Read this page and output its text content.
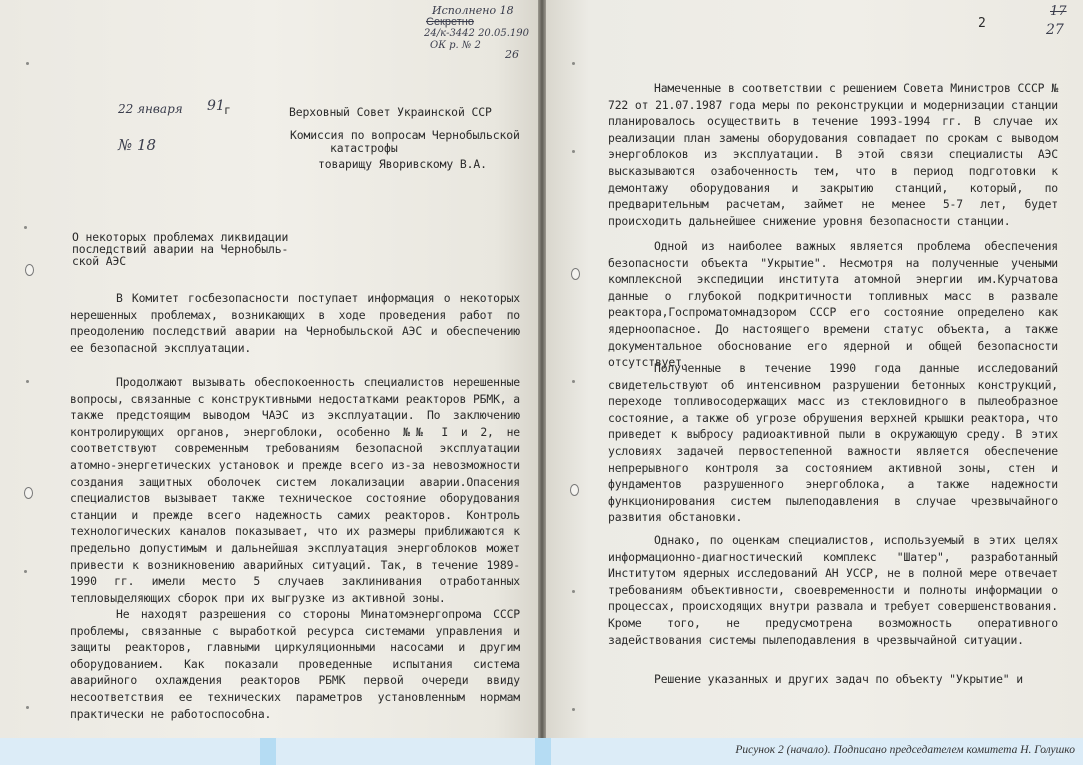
Исполнено 18
Секретно
24/к-3442 20.05.190
ОК р. № 2
26
22 января 91 г
№ 18
Верховный Совет Украинской ССР
Комиссия по вопросам Чернобыльской
катастрофы
товарищу Яворивскому В.А.
О некоторых проблемах ликвидации
последствий аварии на Чернобыль-
ской АЭС
В Комитет госбезопасности поступает информация о некоторых нерешенных проблемах, возникающих в ходе проведения работ по преодолению последствий аварии на Чернобыльской АЭС и обеспечению ее безопасной эксплуатации.
Продолжают вызывать обеспокоенность специалистов нерешенные вопросы, связанные с конструктивными недостатками реакторов РБМК, а также предстоящим выводом ЧАЭС из эксплуатации. По заключению контролирующих органов, энергоблоки, особенно №№ I и 2, не соответствуют современным требованиям безопасной эксплуатации атомно-энергетических установок и прежде всего из-за невозможности создания защитных оболочек систем локализации аварии.Опасения специалистов вызывает также техническое состояние оборудования станции и прежде всего надежность самих реакторов. Контроль технологических каналов показывает, что их размеры приближаются к предельно допустимым и дальнейшая эксплуатация энергоблоков может привести к возникновению аварийных ситуаций. Так, в течение 1989-1990 гг. имели место 5 случаев заклинивания отработанных тепловыделяющих сборок при их выгрузке из активной зоны.
Не находят разрешения со стороны Минатомэнергопрома СССР проблемы, связанные с выработкой ресурса системами управления и защиты реакторов, главными циркуляционными насосами и другим оборудованием. Как показали проведенные испытания система аварийного охлаждения реакторов РБМК первой очереди ввиду несоответствия ее технических параметров установленным нормам практически не работоспособна.
2
17
27
Намеченные в соответствии с решением Совета Министров СССР № 722 от 21.07.1987 года меры по реконструкции и модернизации станции планировалось осуществить в течение 1993-1994 гг. В случае их реализации план замены оборудования совпадает по срокам с выводом энергоблоков из эксплуатации. В этой связи специалисты АЭС высказываются озабоченность тем, что в период подготовки к демонтажу оборудования и закрытию станций, который, по предварительным расчетам, займет не менее 5-7 лет, будет происходить дальнейшее снижение уровня безопасности станции.
Одной из наиболее важных является проблема обеспечения безопасности объекта "Укрытие". Несмотря на полученные учеными комплексной экспедиции института атомной энергии им.Курчатова данные о глубокой подкритичности топливных масс в развале реактора,Госпроматомнадзором СССР его состояние определено как ядерноопасное. До настоящего времени статус объекта, а также документальное обоснование его ядерной и общей безопасности отсутствует.
Полученные в течение 1990 года данные исследований свидетельствуют об интенсивном разрушении бетонных конструкций, переходе топливосодержащих масс из стекловидного в пылеобразное состояние, а также об угрозе обрушения верхней крышки реактора, что приведет к выбросу радиоактивной пыли в окружающую среду. В этих условиях задачей первостепенной важности является обеспечение непрерывного контроля за состоянием активной зоны, стен и фундаментов разрушенного энергоблока, а также надежности функционирования систем пылеподавления в случае чрезвычайного развития обстановки.
Однако, по оценкам специалистов, используемый в этих целях информационно-диагностический комплекс "Шатер", разработанный Институтом ядерных исследований АН УССР, не в полной мере отвечает требованиям объективности, своевременности и полноты информации о процессах, происходящих внутри развала и требует совершенствования. Кроме того, не предусмотрена возможность оперативного задействования системы пылеподавления в чрезвычайной ситуации.
Решение указанных и других задач по объекту "Укрытие" и
Рисунок 2 (начало). Подписано председателем комитета Н. Голушко
